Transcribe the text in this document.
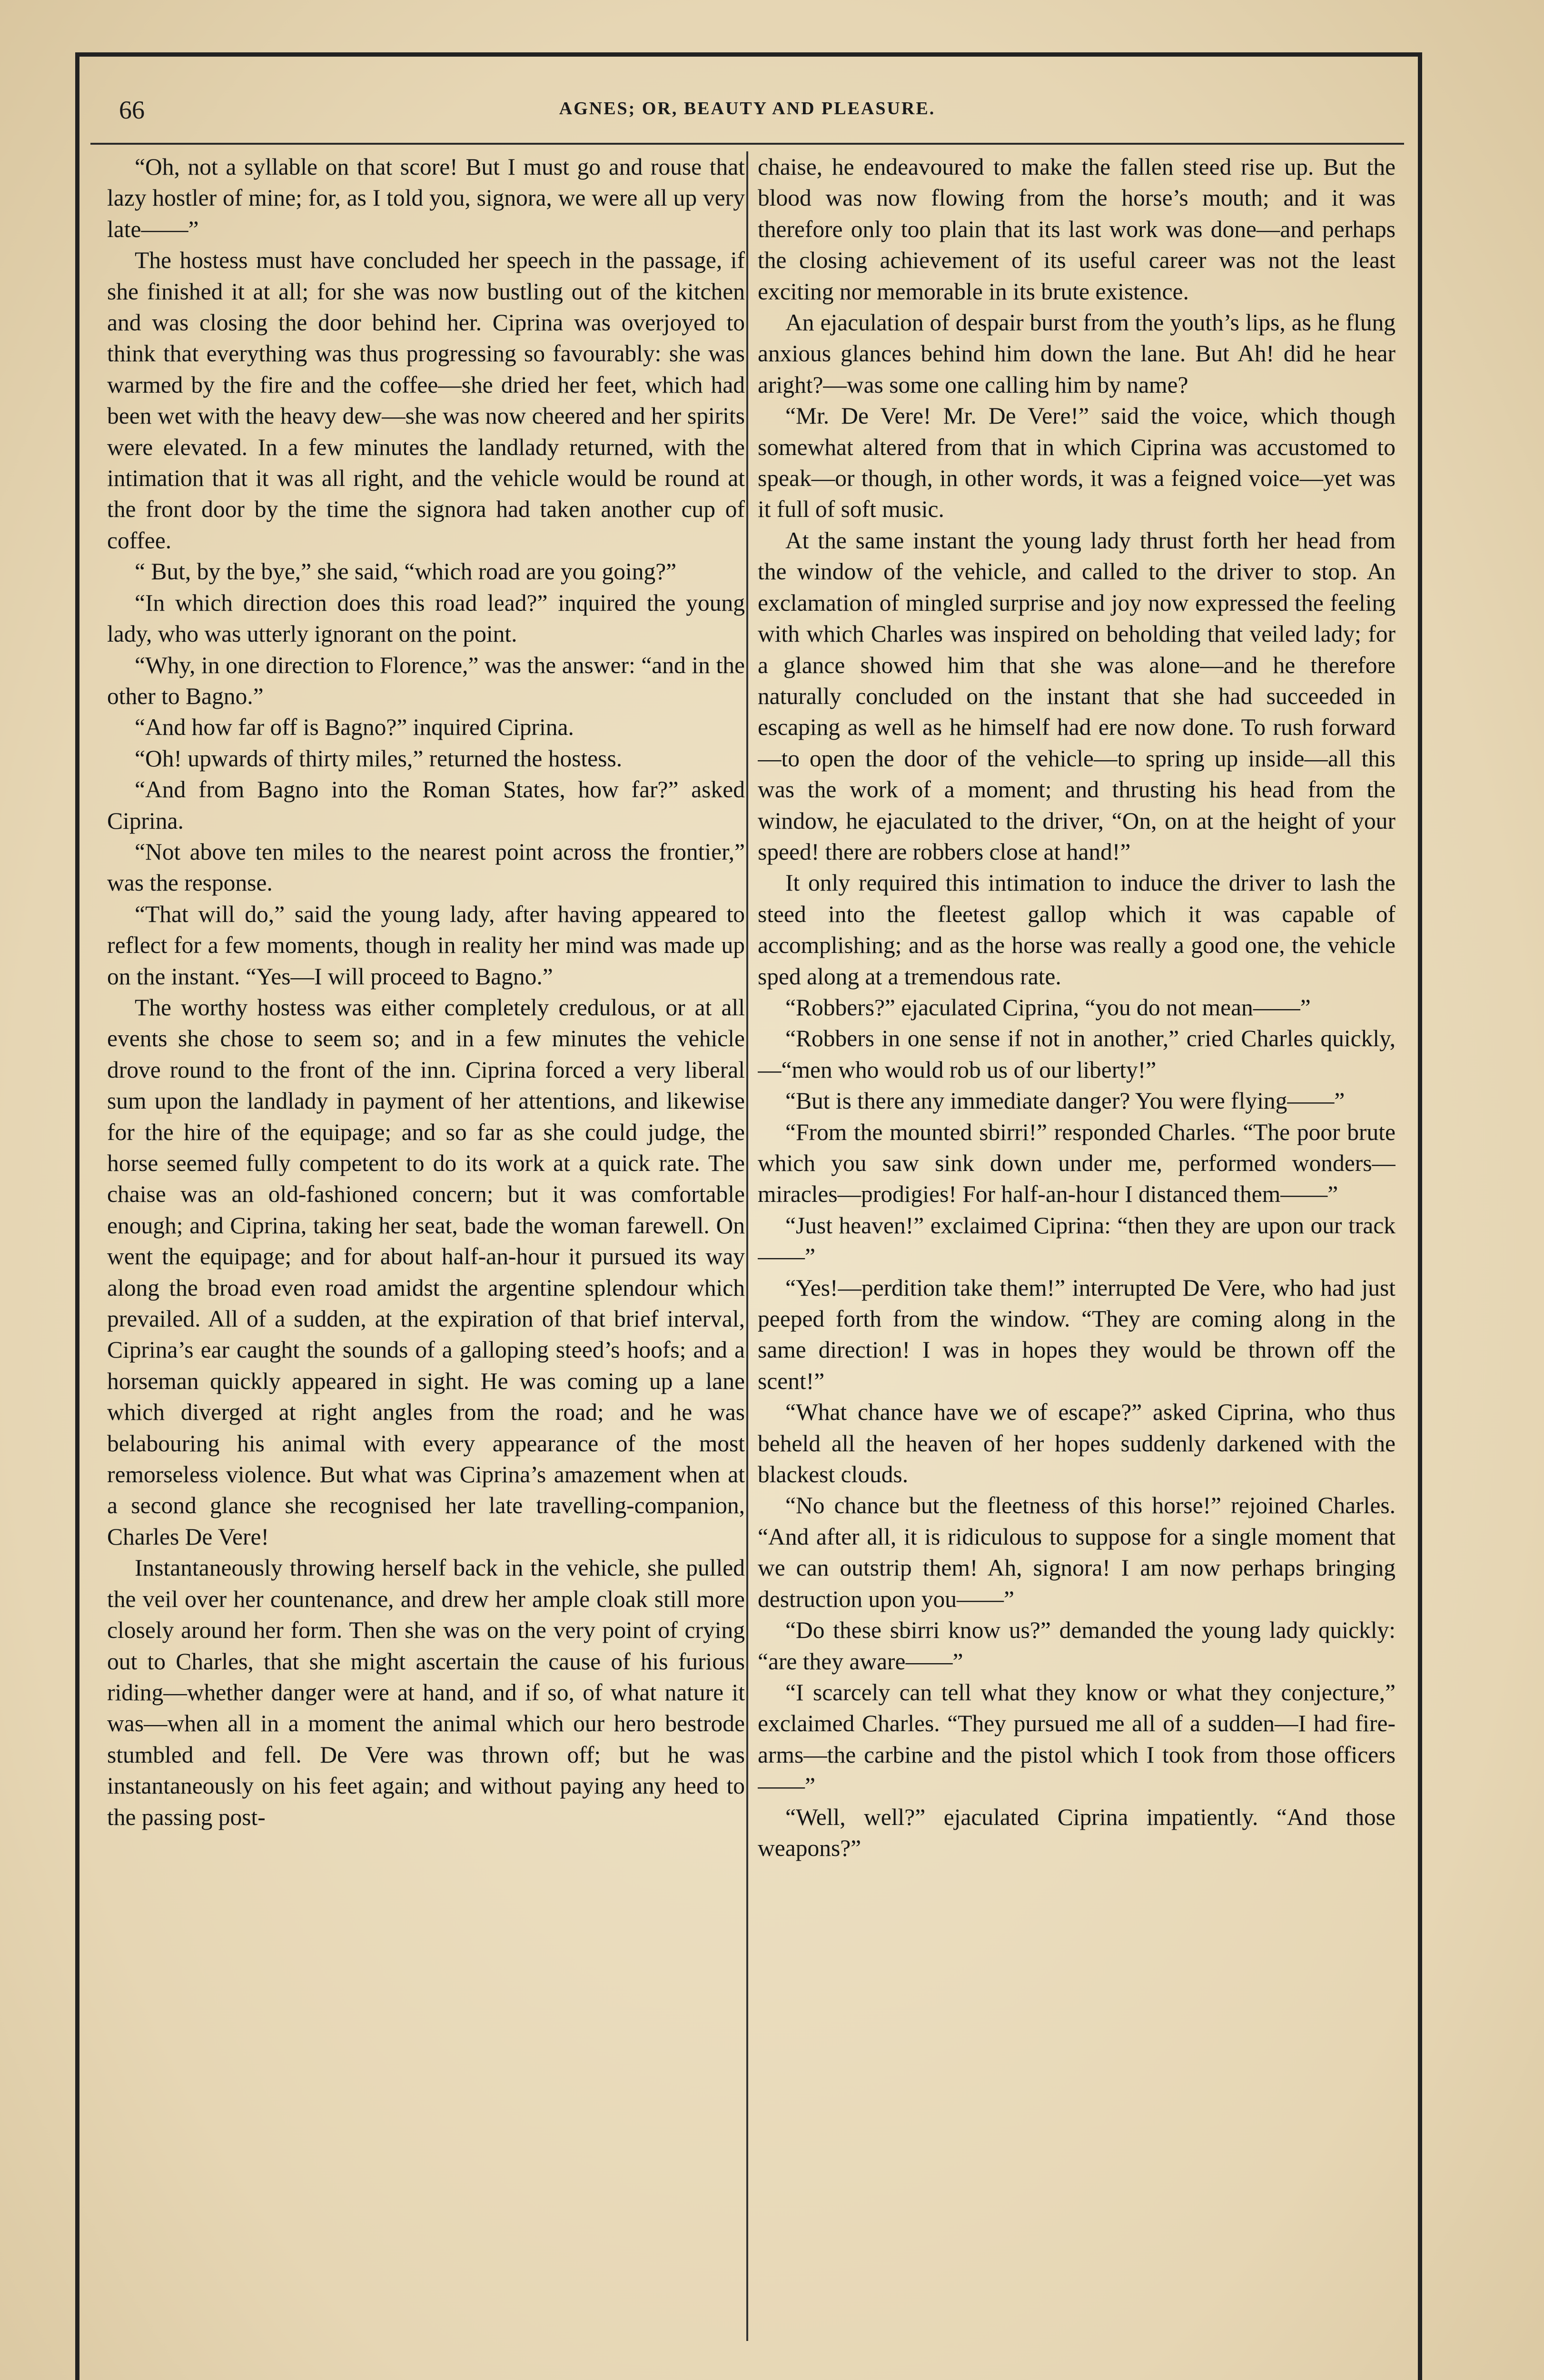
66	AGNES; OR, BEAUTY AND PLEASURE.

“Oh, not a syllable on that score! But I must go and rouse that lazy hostler of mine; for, as I told you, signora, we were all up very late——”

The hostess must have concluded her speech in the passage, if she finished it at all; for she was now bustling out of the kitchen and was closing the door behind her. Ciprina was overjoyed to think that everything was thus progressing so favourably: she was warmed by the fire and the coffee—she dried her feet, which had been wet with the heavy dew—she was now cheered and her spirits were elevated. In a few minutes the landlady returned, with the intimation that it was all right, and the vehicle would be round at the front door by the time the signora had taken another cup of coffee.

“ But, by the bye,” she said, “which road are you going?”

“In which direction does this road lead?” inquired the young lady, who was utterly ignorant on the point.

“Why, in one direction to Florence,” was the answer: “and in the other to Bagno.”

“And how far off is Bagno?” inquired Ciprina.

“Oh! upwards of thirty miles,” returned the hostess.

“And from Bagno into the Roman States, how far?” asked Ciprina.

“Not above ten miles to the nearest point across the frontier,” was the response.

“That will do,” said the young lady, after having appeared to reflect for a few moments, though in reality her mind was made up on the instant. “Yes—I will proceed to Bagno.”

The worthy hostess was either completely credulous, or at all events she chose to seem so; and in a few minutes the vehicle drove round to the front of the inn. Ciprina forced a very liberal sum upon the landlady in payment of her attentions, and likewise for the hire of the equipage; and so far as she could judge, the horse seemed fully competent to do its work at a quick rate. The chaise was an old-fashioned concern; but it was comfortable enough; and Ciprina, taking her seat, bade the woman farewell. On went the equipage; and for about half-an-hour it pursued its way along the broad even road amidst the argentine splendour which prevailed. All of a sudden, at the expiration of that brief interval, Ciprina’s ear caught the sounds of a galloping steed’s hoofs; and a horseman quickly appeared in sight. He was coming up a lane which diverged at right angles from the road; and he was belabouring his animal with every appearance of the most remorseless violence. But what was Ciprina’s amazement when at a second glance she recognised her late travelling-companion, Charles De Vere!

Instantaneously throwing herself back in the vehicle, she pulled the veil over her countenance, and drew her ample cloak still more closely around her form. Then she was on the very point of crying out to Charles, that she might ascertain the cause of his furious riding—whether danger were at hand, and if so, of what nature it was—when all in a moment the animal which our hero bestrode stumbled and fell. De Vere was thrown off; but he was instantaneously on his feet again; and without paying any heed to the passing post-

chaise, he endeavoured to make the fallen steed rise up. But the blood was now flowing from the horse’s mouth; and it was therefore only too plain that its last work was done—and perhaps the closing achievement of its useful career was not the least exciting nor memorable in its brute existence.

An ejaculation of despair burst from the youth’s lips, as he flung anxious glances behind him down the lane. But Ah! did he hear aright?—was some one calling him by name?

“Mr. De Vere! Mr. De Vere!” said the voice, which though somewhat altered from that in which Ciprina was accustomed to speak—or though, in other words, it was a feigned voice—yet was it full of soft music.

At the same instant the young lady thrust forth her head from the window of the vehicle, and called to the driver to stop. An exclamation of mingled surprise and joy now expressed the feeling with which Charles was inspired on beholding that veiled lady; for a glance showed him that she was alone—and he therefore naturally concluded on the instant that she had succeeded in escaping as well as he himself had ere now done. To rush forward—to open the door of the vehicle—to spring up inside—all this was the work of a moment; and thrusting his head from the window, he ejaculated to the driver, “On, on at the height of your speed! there are robbers close at hand!”

It only required this intimation to induce the driver to lash the steed into the fleetest gallop which it was capable of accomplishing; and as the horse was really a good one, the vehicle sped along at a tremendous rate.

“Robbers?” ejaculated Ciprina, “you do not mean——”

“Robbers in one sense if not in another,” cried Charles quickly,—“men who would rob us of our liberty!”

“But is there any immediate danger? You were flying——”

“From the mounted sbirri!” responded Charles. “The poor brute which you saw sink down under me, performed wonders—miracles—prodigies! For half-an-hour I distanced them——”

“Just heaven!” exclaimed Ciprina: “then they are upon our track——”

“Yes!—perdition take them!” interrupted De Vere, who had just peeped forth from the window. “They are coming along in the same direction! I was in hopes they would be thrown off the scent!”

“What chance have we of escape?” asked Ciprina, who thus beheld all the heaven of her hopes suddenly darkened with the blackest clouds.

“No chance but the fleetness of this horse!” rejoined Charles. “And after all, it is ridiculous to suppose for a single moment that we can outstrip them! Ah, signora! I am now perhaps bringing destruction upon you——”

“Do these sbirri know us?” demanded the young lady quickly: “are they aware——”

“I scarcely can tell what they know or what they conjecture,” exclaimed Charles. “They pursued me all of a sudden—I had fire-arms—the carbine and the pistol which I took from those officers——”

“Well, well?” ejaculated Ciprina impatiently. “And those weapons?”
